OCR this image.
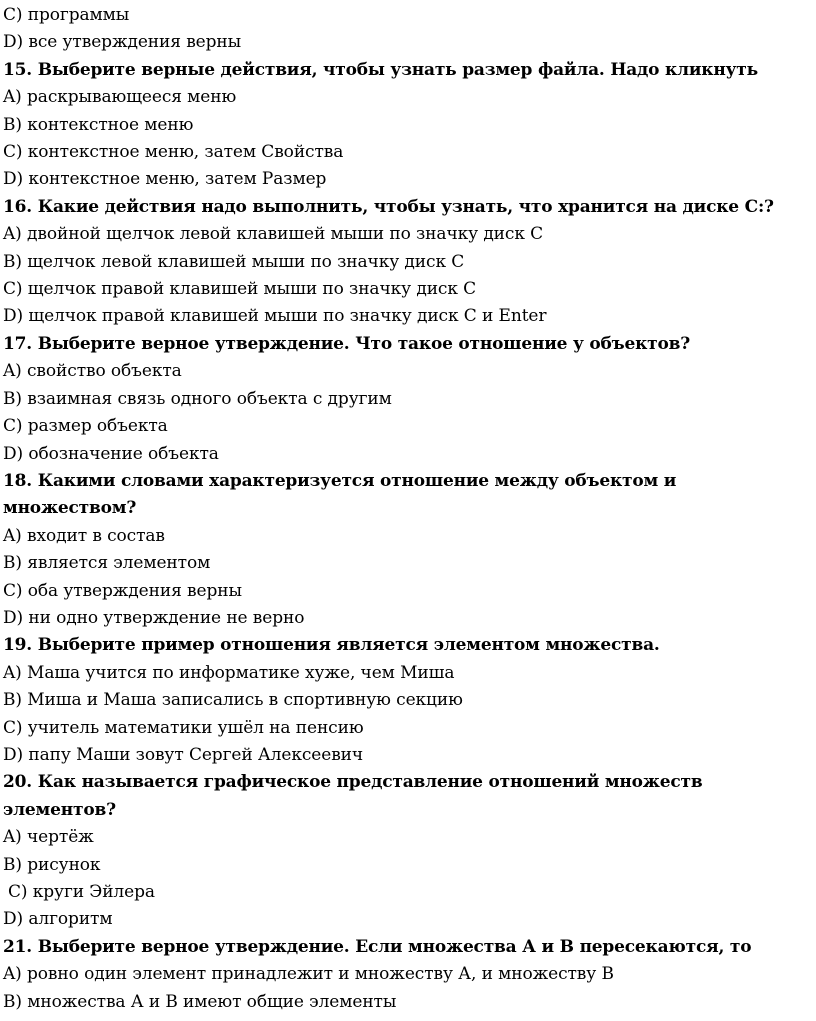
С) программы
D) все утверждения верны
15. Выберите верные действия, чтобы узнать размер файла. Надо кликнуть
A) раскрывающееся меню
B) контекстное меню
C) контекстное меню, затем Свойства
D) контекстное меню, затем Размер
16. Какие действия надо выполнить, чтобы узнать, что хранится на диске С:?
A) двойной щелчок левой клавишей мыши по значку диск С
B) щелчок левой клавишей мыши по значку диск С
C) щелчок правой клавишей мыши по значку диск С
D) щелчок правой клавишей мыши по значку диск С и Enter
17. Выберите верное утверждение. Что такое отношение у объектов?
A) свойство объекта
B) взаимная связь одного объекта с другим
C) размер объекта
D) обозначение объекта
18. Какими словами характеризуется отношение между объектом и
множеством?
A) входит в состав
B) является элементом
C) оба утверждения верны
D) ни одно утверждение не верно
19. Выберите пример отношения является элементом множества.
A) Маша учится по информатике хуже, чем Миша
B) Миша и Маша записались в спортивную секцию
C) учитель математики ушёл на пенсию
D) папу Маши зовут Сергей Алексеевич
20. Как называется графическое представление отношений множеств
элементов?
A) чертёж
B) рисунок
C) круги Эйлера
D) алгоритм
21. Выберите верное утверждение. Если множества А и В пересекаются, то
A) ровно один элемент принадлежит и множеству А, и множеству В
B) множества А и В имеют общие элементы
